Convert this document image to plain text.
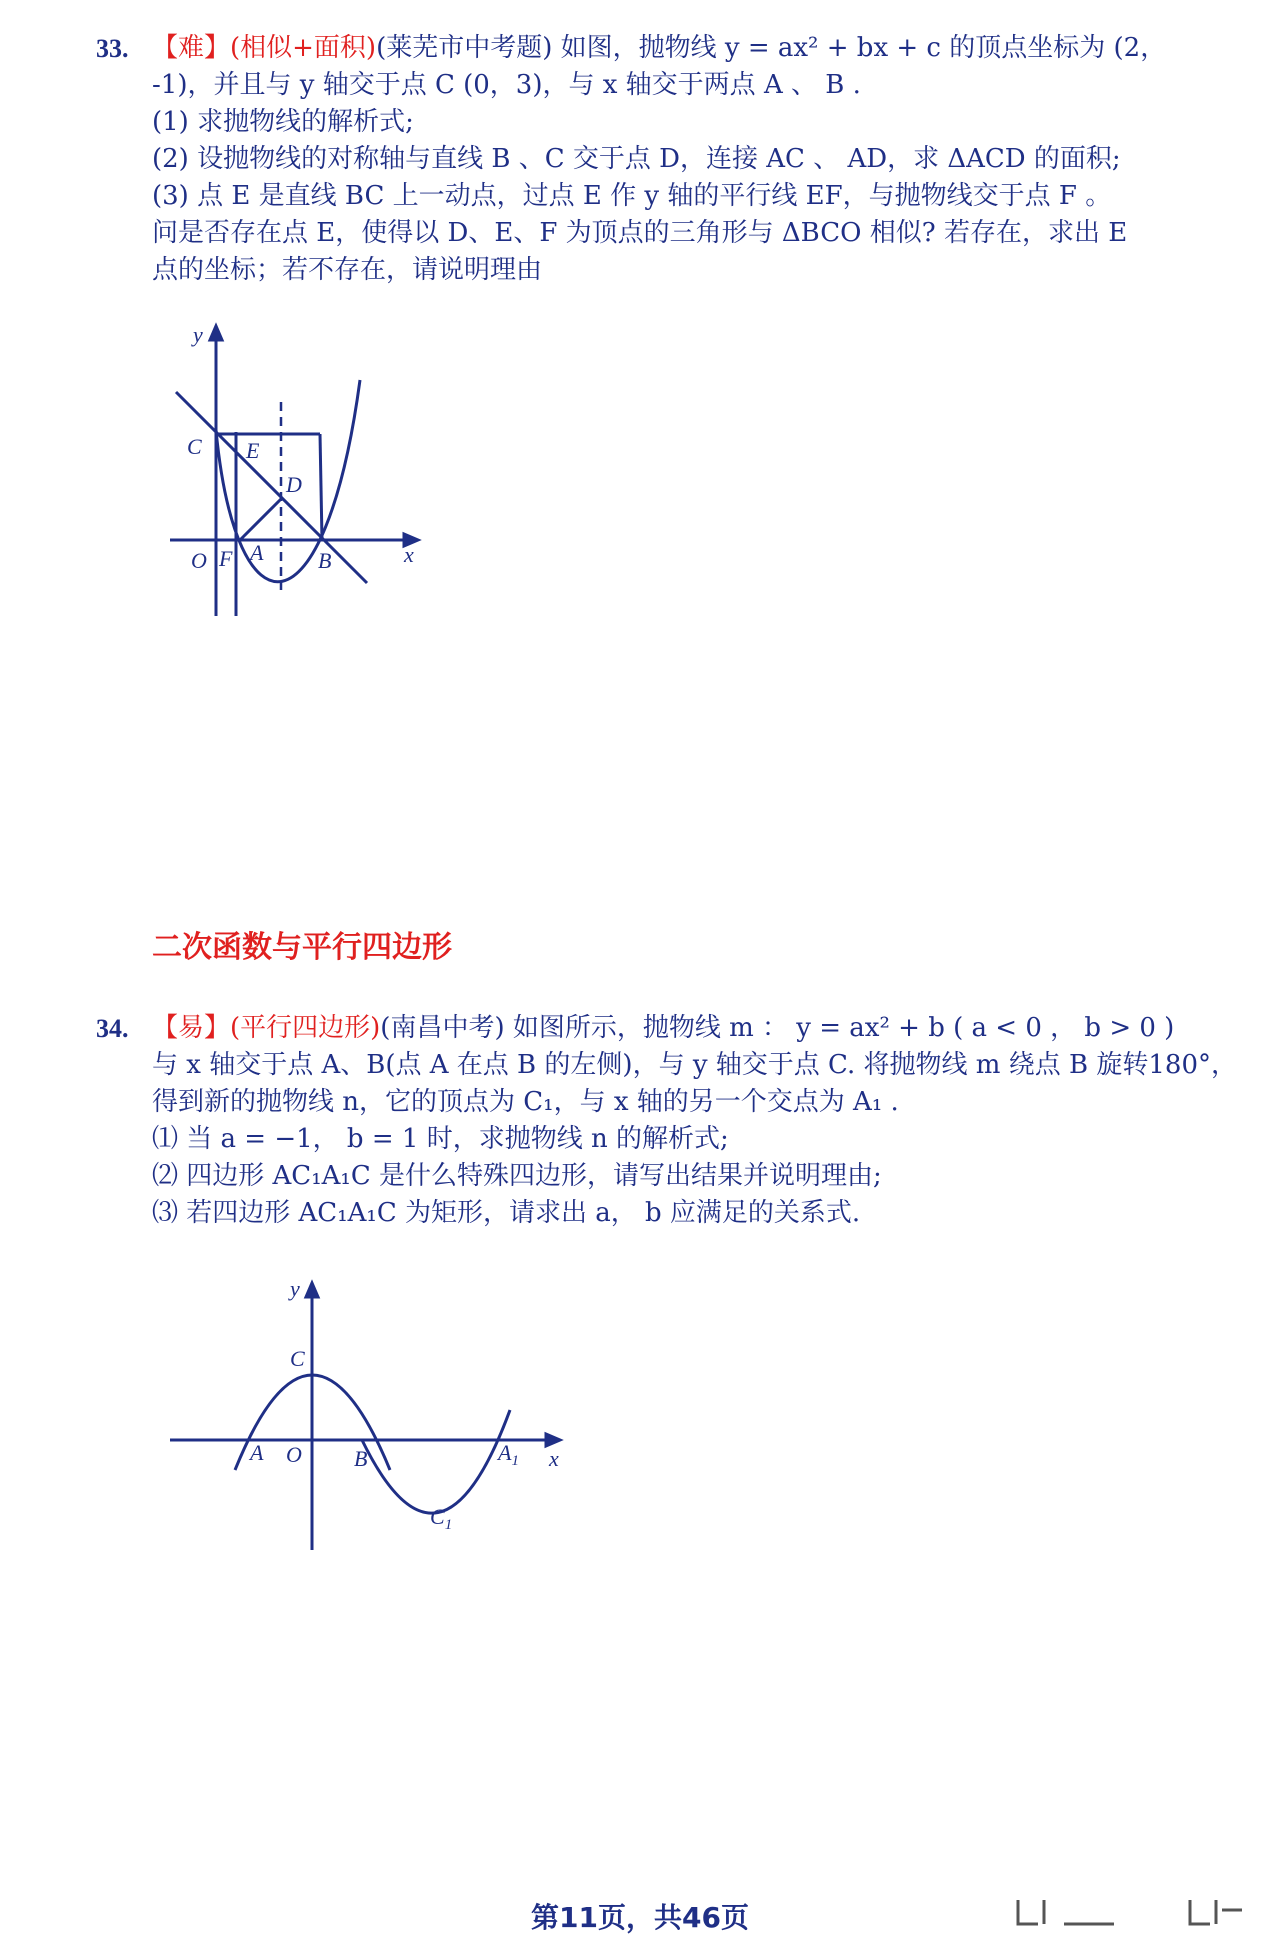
33. 【难】(相似+面积)(莱芜市中考题) 如图，抛物线 y = ax² + bx + c 的顶点坐标为 (2，
-1)，并且与 y 轴交于点 C (0，3)，与 x 轴交于两点 A 、 B .
(1) 求抛物线的解析式;
(2) 设抛物线的对称轴与直线 B 、C 交于点 D，连接 AC 、 AD，求 ΔACD 的面积;
(3) 点 E 是直线 BC 上一动点，过点 E 作 y 轴的平行线 EF，与抛物线交于点 F 。
问是否存在点 E，使得以 D、E、F 为顶点的三角形与 ΔBCO 相似? 若存在，求出 E
点的坐标；若不存在，请说明理由
y
x
C E
D
O F A B
二次函数与平行四边形
34. 【易】(平行四边形)(南昌中考) 如图所示，抛物线 m ： y = ax² + b ( a < 0 ， b > 0 )
与 x 轴交于点 A、B(点 A 在点 B 的左侧)，与 y 轴交于点 C. 将抛物线 m 绕点 B 旋转180°，
得到新的抛物线 n，它的顶点为 C₁，与 x 轴的另一个交点为 A₁ .
⑴ 当 a = −1， b = 1 时，求抛物线 n 的解析式;
⑵ 四边形 AC₁A₁C 是什么特殊四边形，请写出结果并说明理由;
⑶ 若四边形 AC₁A₁C 为矩形，请求出 a， b 应满足的关系式.
y
x
C
A O B	$A_1$
$C_1$
第11页，共46页
